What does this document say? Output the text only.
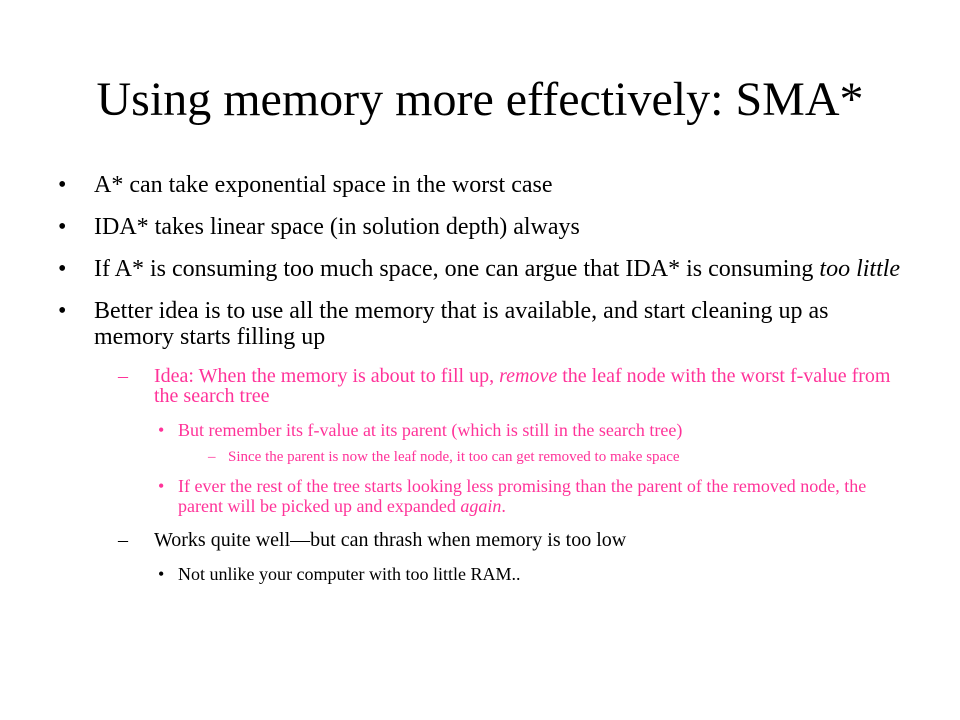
Using memory more effectively: SMA*
• A* can take exponential space in the worst case
• IDA* takes linear space (in solution depth) always
• If A* is consuming too much space, one can argue that IDA* is consuming too little
• Better idea is to use all the memory that is available, and start cleaning up as memory starts filling up
– Idea: When the memory is about to fill up, remove the leaf node with the worst f-value from the search tree
• But remember its f-value at its parent (which is still in the search tree)
– Since the parent is now the leaf node, it too can get removed to make space
• If ever the rest of the tree starts looking less promising than the parent of the removed node, the parent will be picked up and expanded again.
– Works quite well—but can thrash when memory is too low
• Not unlike your computer with too little RAM..
